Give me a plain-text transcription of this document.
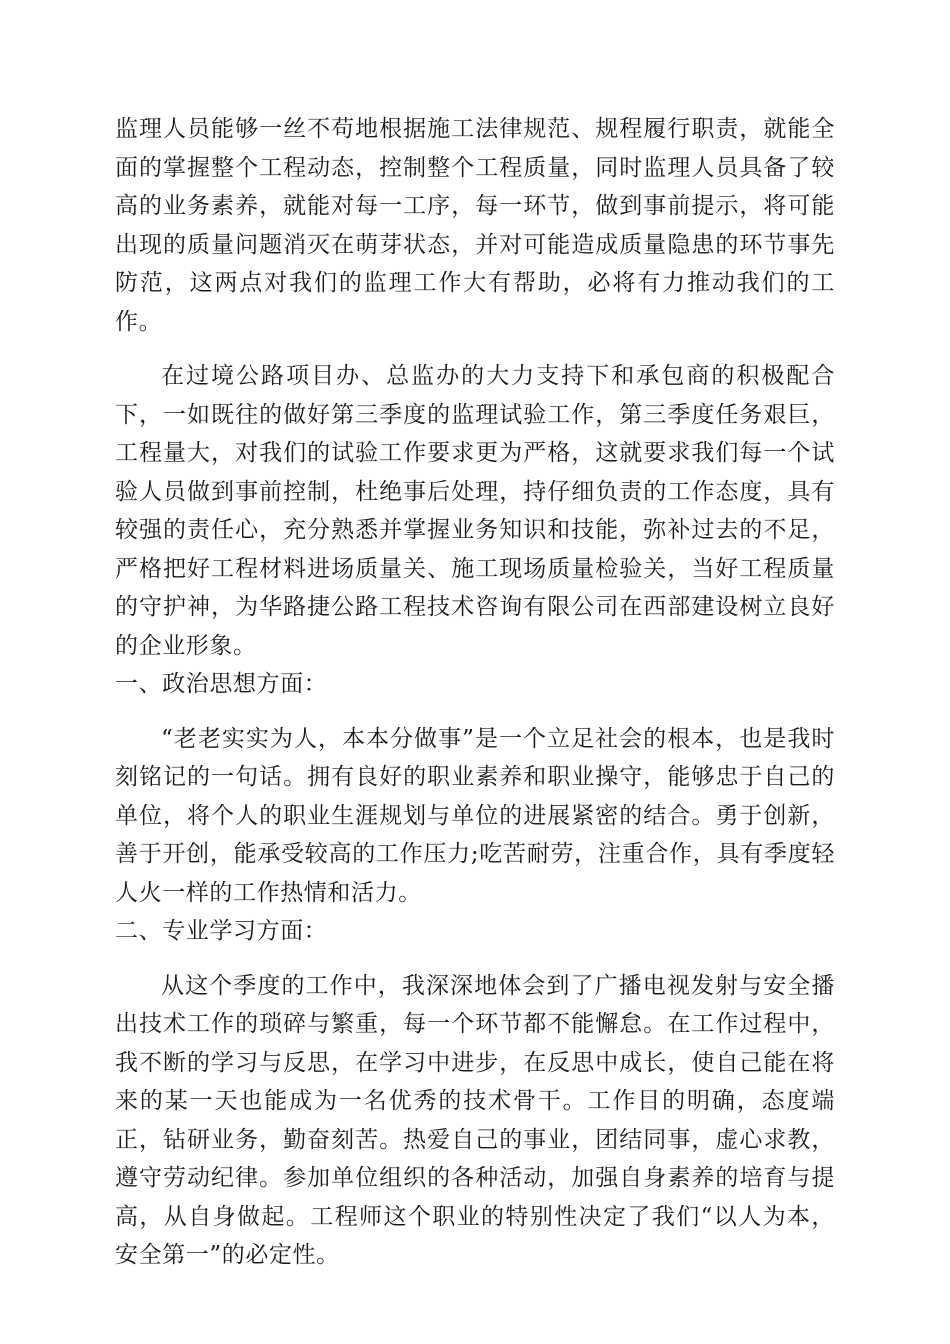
监理人员能够一丝不苟地根据施工法律规范、规程履行职责，就能全面的掌握整个工程动态，控制整个工程质量，同时监理人员具备了较高的业务素养，就能对每一工序，每一环节，做到事前提示，将可能出现的质量问题消灭在萌芽状态，并对可能造成质量隐患的环节事先防范，这两点对我们的监理工作大有帮助，必将有力推动我们的工作。

在过境公路项目办、总监办的大力支持下和承包商的积极配合下，一如既往的做好第三季度的监理试验工作，第三季度任务艰巨，工程量大，对我们的试验工作要求更为严格，这就要求我们每一个试验人员做到事前控制，杜绝事后处理，持仔细负责的工作态度，具有较强的责任心，充分熟悉并掌握业务知识和技能，弥补过去的不足，严格把好工程材料进场质量关、施工现场质量检验关，当好工程质量的守护神，为华路捷公路工程技术咨询有限公司在西部建设树立良好的企业形象。

一、政治思想方面：

“老老实实为人，本本分做事”是一个立足社会的根本，也是我时刻铭记的一句话。拥有良好的职业素养和职业操守，能够忠于自己的单位，将个人的职业生涯规划与单位的进展紧密的结合。勇于创新，善于开创，能承受较高的工作压力;吃苦耐劳，注重合作，具有季度轻人火一样的工作热情和活力。

二、专业学习方面：

从这个季度的工作中，我深深地体会到了广播电视发射与安全播出技术工作的琐碎与繁重，每一个环节都不能懈怠。在工作过程中，我不断的学习与反思，在学习中进步，在反思中成长，使自己能在将来的某一天也能成为一名优秀的技术骨干。工作目的明确，态度端正，钻研业务，勤奋刻苦。热爱自己的事业，团结同事，虚心求教，遵守劳动纪律。参加单位组织的各种活动，加强自身素养的培育与提高，从自身做起。工程师这个职业的特别性决定了我们“以人为本，安全第一”的必定性。
